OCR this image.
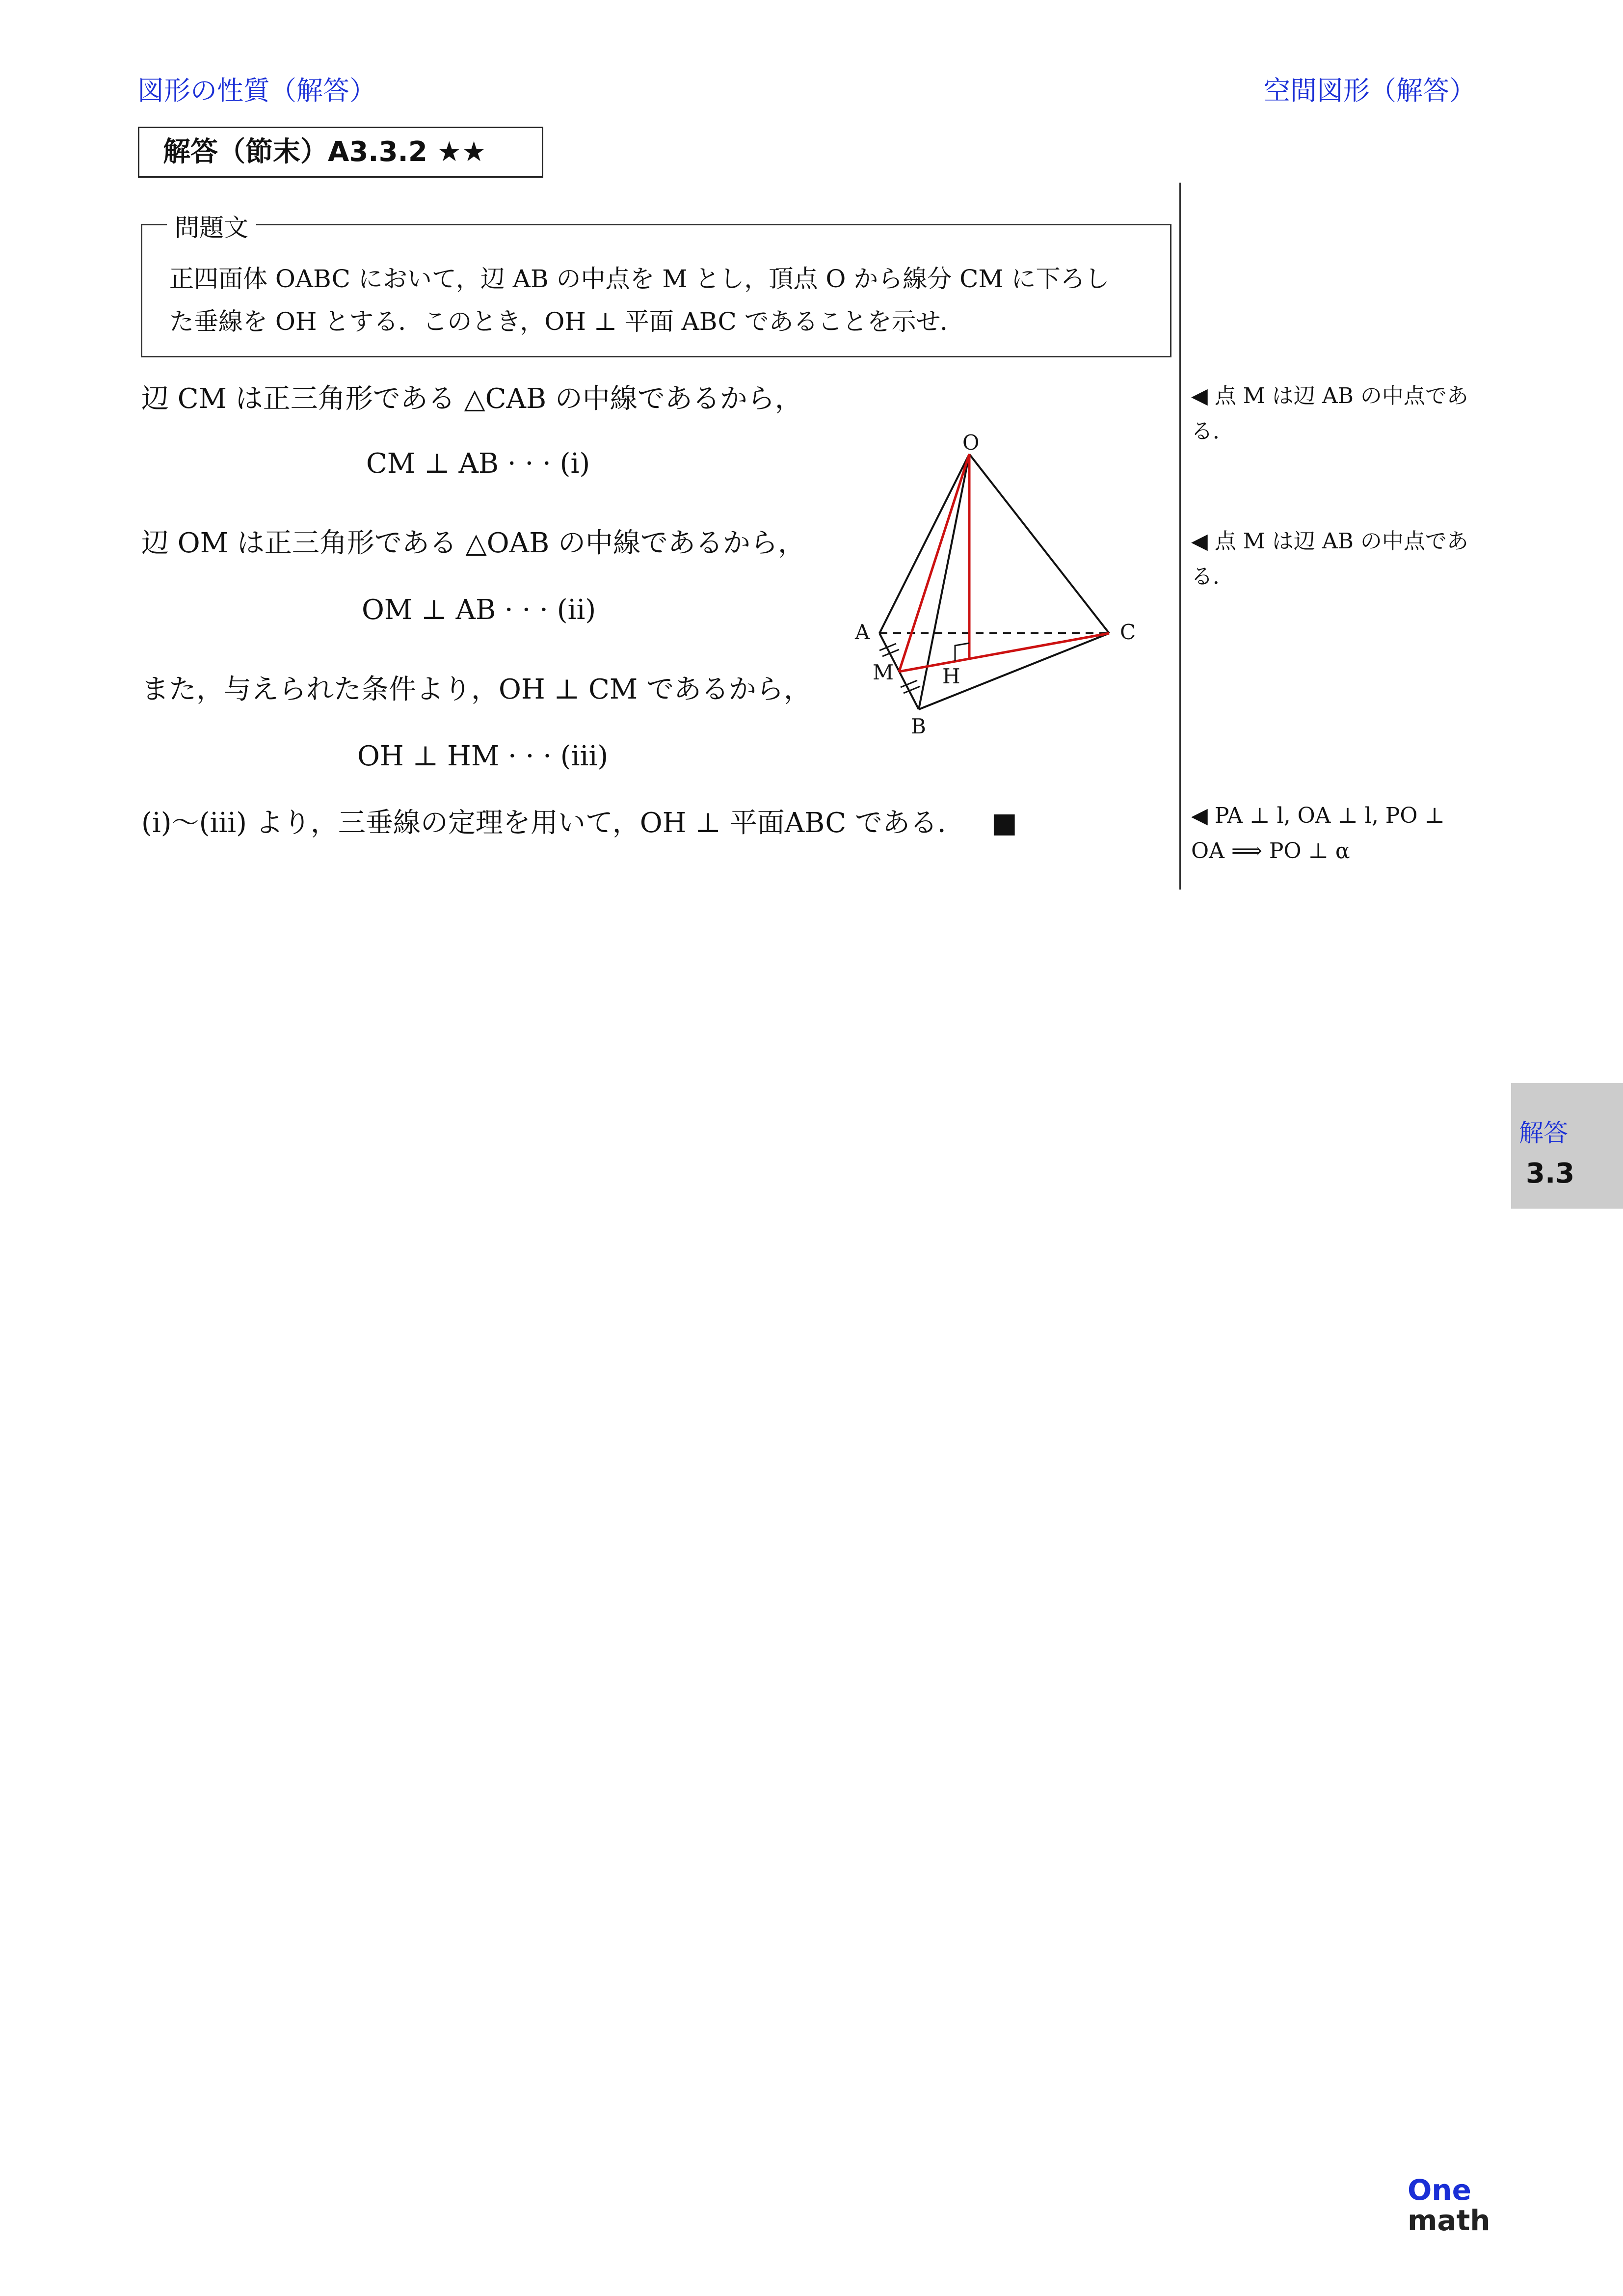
図形の性質（解答）	空間図形（解答）
解答（節末）A3.3.2 ★★
問題文
正四面体 OABC において，辺 AB の中点を M とし，頂点 O から線分 CM に下ろし
た垂線を OH とする．このとき，OH ⊥ 平面 ABC であることを示せ．
辺 CM は正三角形である △CAB の中線であるから，
CM ⊥ AB · · · (i)
辺 OM は正三角形である △OAB の中線であるから，
OM ⊥ AB · · · (ii)
また，与えられた条件より，OH ⊥ CM であるから，
OH ⊥ HM · · · (iii)
(i)〜(iii) より，三垂線の定理を用いて，OH ⊥ 平面ABC である． ■
◀ 点 M は辺 AB の中点であ
る．
◀ 点 M は辺 AB の中点であ
る．
◀ PA ⊥ l, OA ⊥ l, PO ⊥
OA ⟹ PO ⊥ α
O
A	C
M H
B
解答
3.3
One
math
